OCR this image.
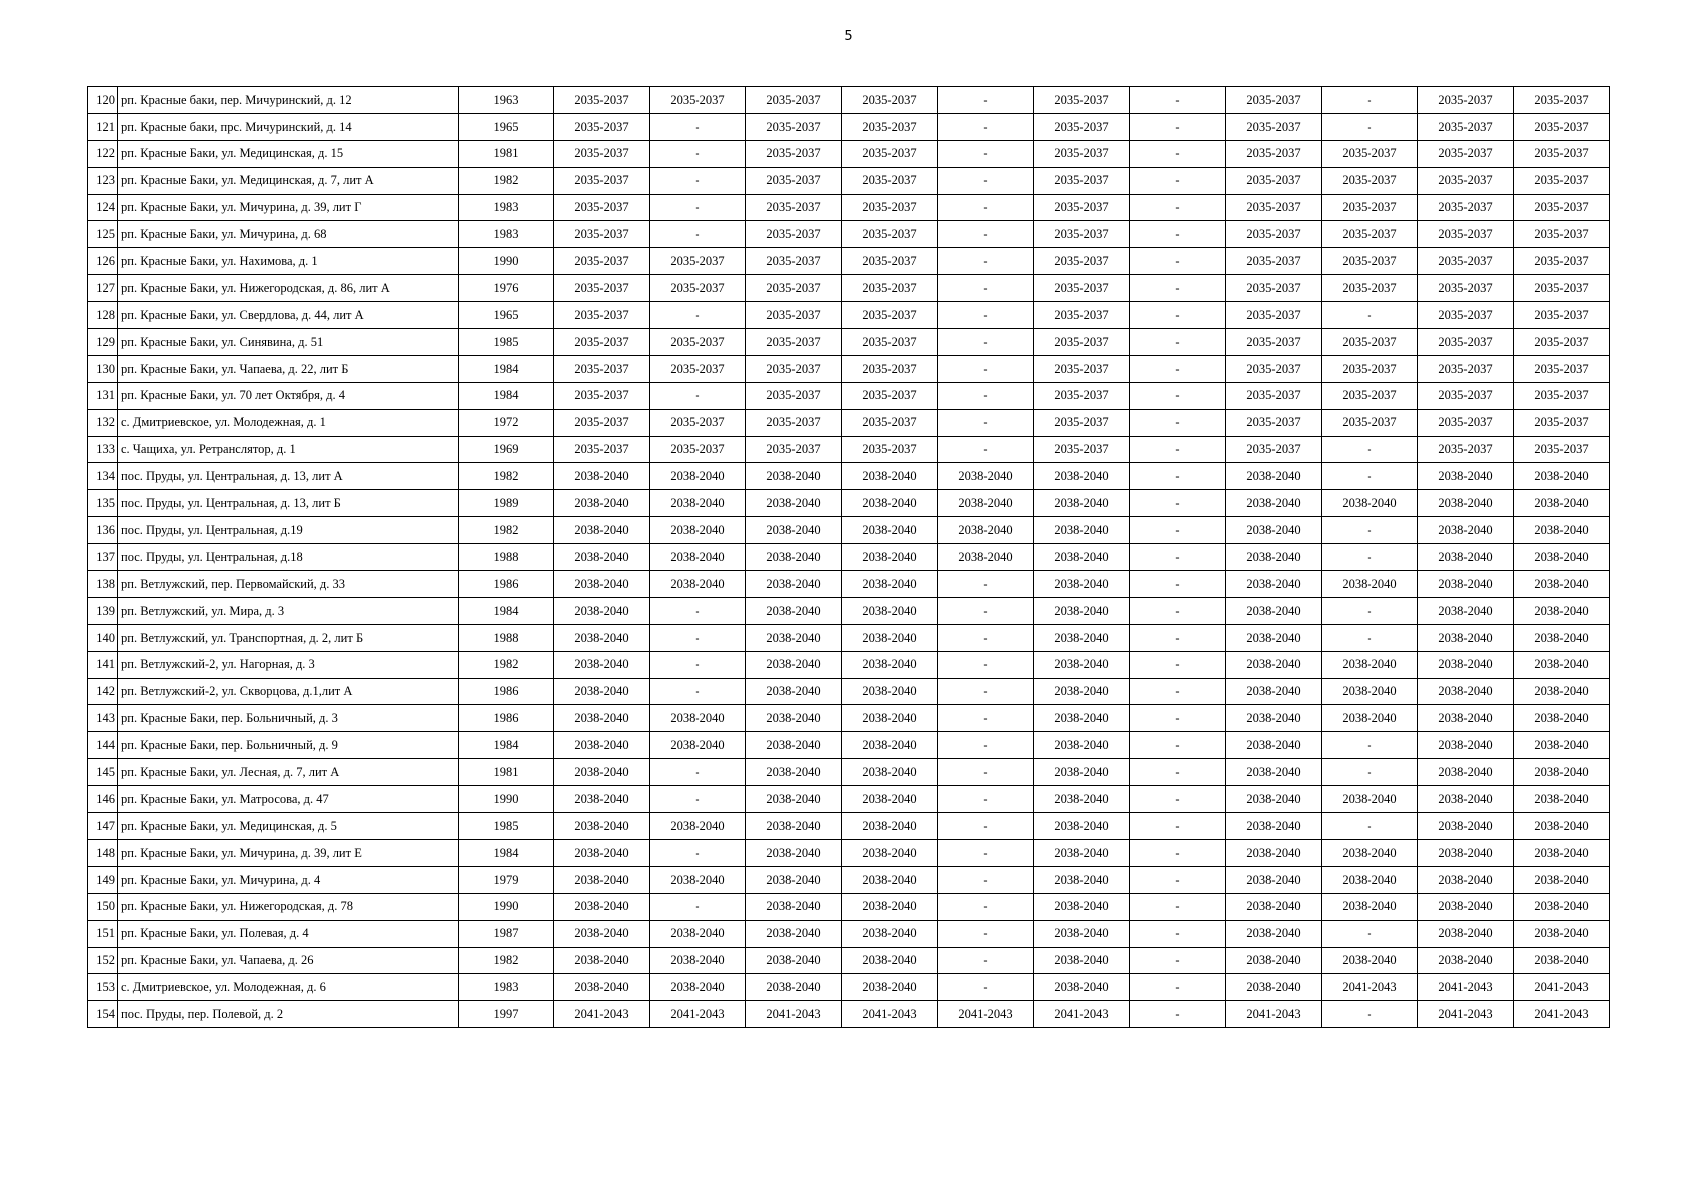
5
120	рп. Красные баки, пер. Мичуринский, д. 12	1963	2035-2037	2035-2037	2035-2037	2035-2037	-	2035-2037	-	2035-2037	-	2035-2037	2035-2037
121	рп. Красные баки, прс. Мичуринский, д. 14	1965	2035-2037	-	2035-2037	2035-2037	-	2035-2037	-	2035-2037	-	2035-2037	2035-2037
122	рп. Красные Баки, ул. Медицинская, д. 15	1981	2035-2037	-	2035-2037	2035-2037	-	2035-2037	-	2035-2037	2035-2037	2035-2037	2035-2037
123	рп. Красные Баки, ул. Медицинская, д. 7, лит А	1982	2035-2037	-	2035-2037	2035-2037	-	2035-2037	-	2035-2037	2035-2037	2035-2037	2035-2037
124	рп. Красные Баки, ул. Мичурина, д. 39, лит Г	1983	2035-2037	-	2035-2037	2035-2037	-	2035-2037	-	2035-2037	2035-2037	2035-2037	2035-2037
125	рп. Красные Баки, ул. Мичурина, д. 68	1983	2035-2037	-	2035-2037	2035-2037	-	2035-2037	-	2035-2037	2035-2037	2035-2037	2035-2037
126	рп. Красные Баки, ул. Нахимова, д. 1	1990	2035-2037	2035-2037	2035-2037	2035-2037	-	2035-2037	-	2035-2037	2035-2037	2035-2037	2035-2037
127	рп. Красные Баки, ул. Нижегородская, д. 86, лит А	1976	2035-2037	2035-2037	2035-2037	2035-2037	-	2035-2037	-	2035-2037	2035-2037	2035-2037	2035-2037
128	рп. Красные Баки, ул. Свердлова, д. 44, лит А	1965	2035-2037	-	2035-2037	2035-2037	-	2035-2037	-	2035-2037	-	2035-2037	2035-2037
129	рп. Красные Баки, ул. Синявина, д. 51	1985	2035-2037	2035-2037	2035-2037	2035-2037	-	2035-2037	-	2035-2037	2035-2037	2035-2037	2035-2037
130	рп. Красные Баки, ул. Чапаева, д. 22, лит Б	1984	2035-2037	2035-2037	2035-2037	2035-2037	-	2035-2037	-	2035-2037	2035-2037	2035-2037	2035-2037
131	рп. Красные Баки, ул. 70 лет Октября, д. 4	1984	2035-2037	-	2035-2037	2035-2037	-	2035-2037	-	2035-2037	2035-2037	2035-2037	2035-2037
132	с. Дмитриевское, ул. Молодежная, д. 1	1972	2035-2037	2035-2037	2035-2037	2035-2037	-	2035-2037	-	2035-2037	2035-2037	2035-2037	2035-2037
133	с. Чащиха, ул. Ретранслятор, д. 1	1969	2035-2037	2035-2037	2035-2037	2035-2037	-	2035-2037	-	2035-2037	-	2035-2037	2035-2037
134	пос. Пруды, ул. Центральная, д. 13, лит А	1982	2038-2040	2038-2040	2038-2040	2038-2040	2038-2040	2038-2040	-	2038-2040	-	2038-2040	2038-2040
135	пос. Пруды, ул. Центральная, д. 13, лит Б	1989	2038-2040	2038-2040	2038-2040	2038-2040	2038-2040	2038-2040	-	2038-2040	2038-2040	2038-2040	2038-2040
136	пос. Пруды, ул. Центральная, д.19	1982	2038-2040	2038-2040	2038-2040	2038-2040	2038-2040	2038-2040	-	2038-2040	-	2038-2040	2038-2040
137	пос. Пруды, ул. Центральная, д.18	1988	2038-2040	2038-2040	2038-2040	2038-2040	2038-2040	2038-2040	-	2038-2040	-	2038-2040	2038-2040
138	рп. Ветлужский, пер. Первомайский, д. 33	1986	2038-2040	2038-2040	2038-2040	2038-2040	-	2038-2040	-	2038-2040	2038-2040	2038-2040	2038-2040
139	рп. Ветлужский, ул. Мира, д. 3	1984	2038-2040	-	2038-2040	2038-2040	-	2038-2040	-	2038-2040	-	2038-2040	2038-2040
140	рп. Ветлужский, ул. Транспортная, д. 2, лит Б	1988	2038-2040	-	2038-2040	2038-2040	-	2038-2040	-	2038-2040	-	2038-2040	2038-2040
141	рп. Ветлужский-2, ул. Нагорная, д. 3	1982	2038-2040	-	2038-2040	2038-2040	-	2038-2040	-	2038-2040	2038-2040	2038-2040	2038-2040
142	рп. Ветлужский-2, ул. Скворцова, д.1,лит А	1986	2038-2040	-	2038-2040	2038-2040	-	2038-2040	-	2038-2040	2038-2040	2038-2040	2038-2040
143	рп. Красные Баки, пер. Больничный, д. 3	1986	2038-2040	2038-2040	2038-2040	2038-2040	-	2038-2040	-	2038-2040	2038-2040	2038-2040	2038-2040
144	рп. Красные Баки, пер. Больничный, д. 9	1984	2038-2040	2038-2040	2038-2040	2038-2040	-	2038-2040	-	2038-2040	-	2038-2040	2038-2040
145	рп. Красные Баки, ул. Лесная, д. 7, лит А	1981	2038-2040	-	2038-2040	2038-2040	-	2038-2040	-	2038-2040	-	2038-2040	2038-2040
146	рп. Красные Баки, ул. Матросова, д. 47	1990	2038-2040	-	2038-2040	2038-2040	-	2038-2040	-	2038-2040	2038-2040	2038-2040	2038-2040
147	рп. Красные Баки, ул. Медицинская, д. 5	1985	2038-2040	2038-2040	2038-2040	2038-2040	-	2038-2040	-	2038-2040	-	2038-2040	2038-2040
148	рп. Красные Баки, ул. Мичурина, д. 39, лит Е	1984	2038-2040	-	2038-2040	2038-2040	-	2038-2040	-	2038-2040	2038-2040	2038-2040	2038-2040
149	рп. Красные Баки, ул. Мичурина, д. 4	1979	2038-2040	2038-2040	2038-2040	2038-2040	-	2038-2040	-	2038-2040	2038-2040	2038-2040	2038-2040
150	рп. Красные Баки, ул. Нижегородская, д. 78	1990	2038-2040	-	2038-2040	2038-2040	-	2038-2040	-	2038-2040	2038-2040	2038-2040	2038-2040
151	рп. Красные Баки, ул. Полевая, д. 4	1987	2038-2040	2038-2040	2038-2040	2038-2040	-	2038-2040	-	2038-2040	-	2038-2040	2038-2040
152	рп. Красные Баки, ул. Чапаева, д. 26	1982	2038-2040	2038-2040	2038-2040	2038-2040	-	2038-2040	-	2038-2040	2038-2040	2038-2040	2038-2040
153	с. Дмитриевское, ул. Молодежная, д. 6	1983	2038-2040	2038-2040	2038-2040	2038-2040	-	2038-2040	-	2038-2040	2041-2043	2041-2043	2041-2043
154	пос. Пруды, пер. Полевой, д. 2	1997	2041-2043	2041-2043	2041-2043	2041-2043	2041-2043	2041-2043	-	2041-2043	-	2041-2043	2041-2043
